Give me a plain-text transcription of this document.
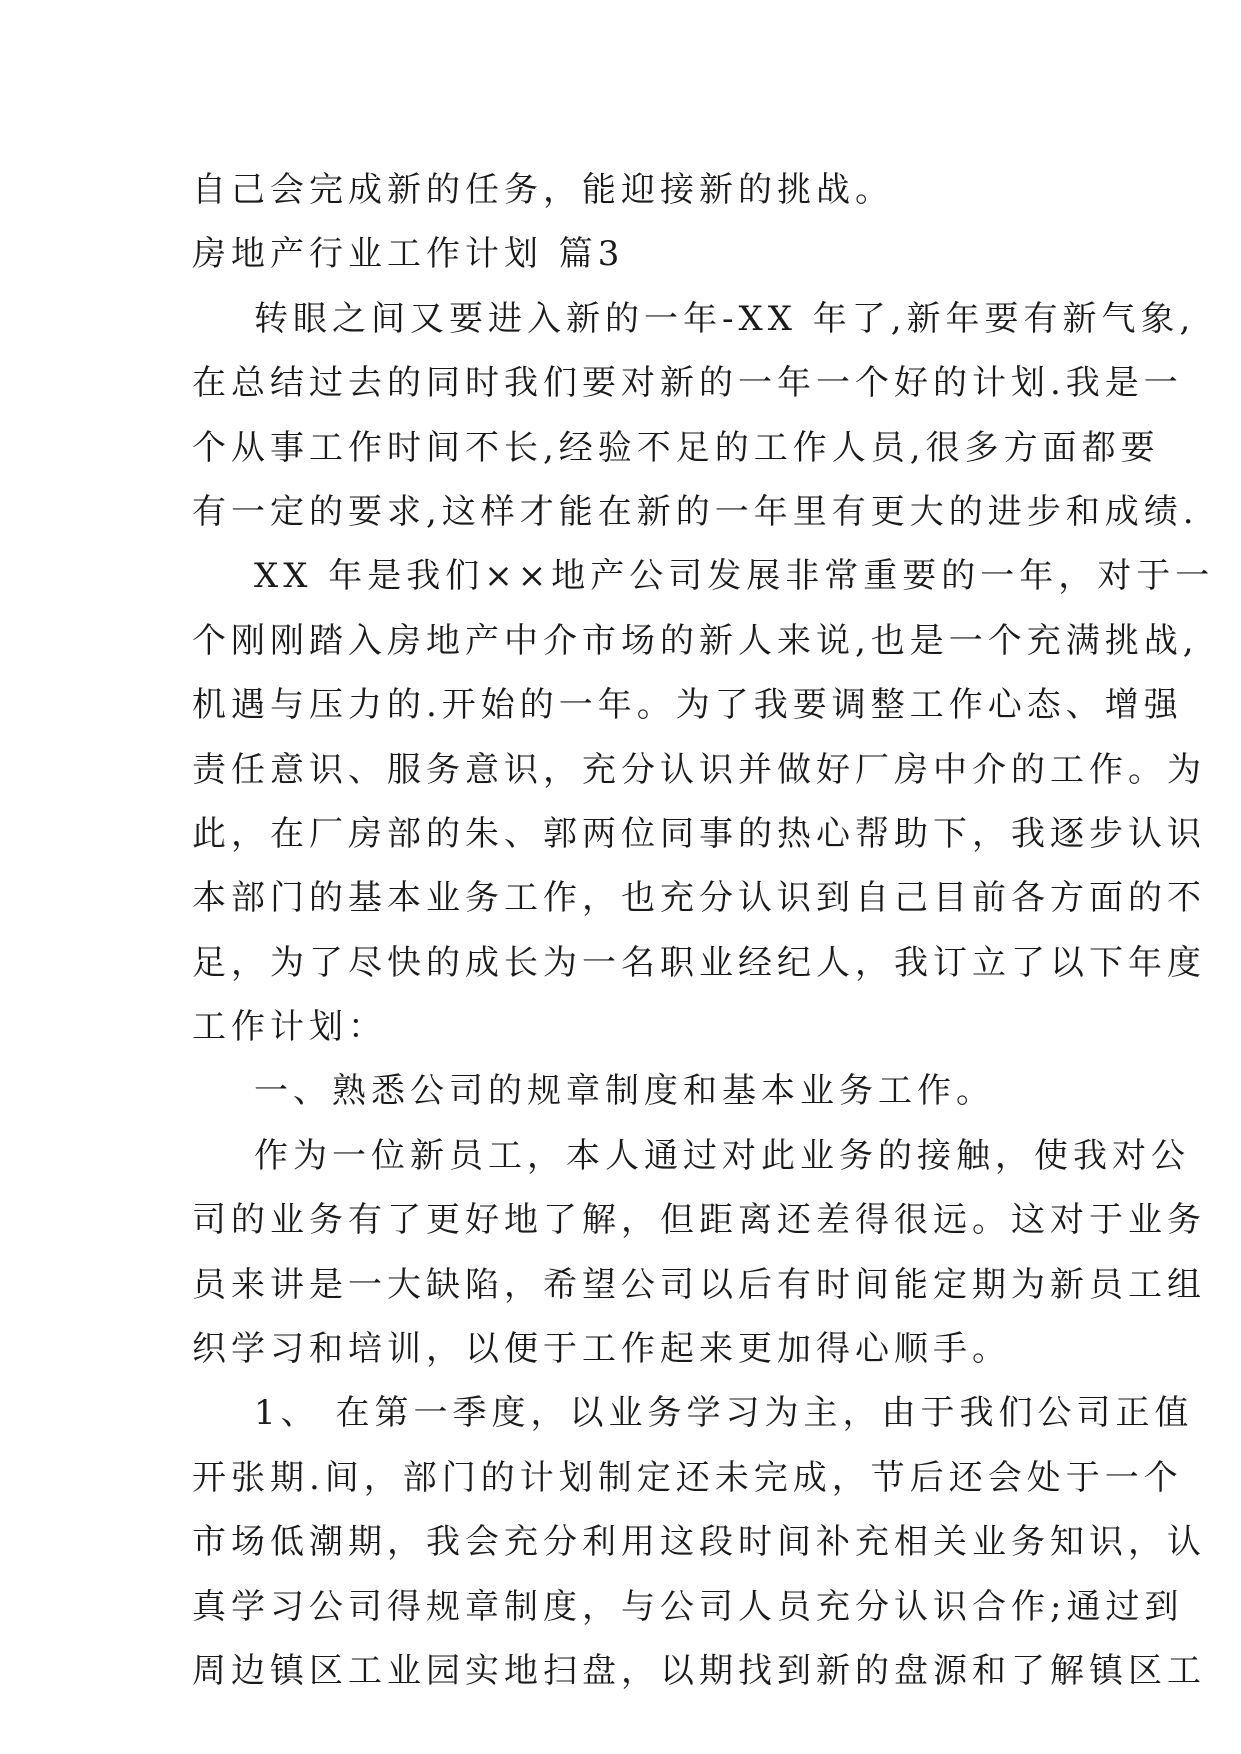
自己会完成新的任务，能迎接新的挑战。
房地产行业工作计划 篇3
转眼之间又要进入新的一年-XX 年了,新年要有新气象,
在总结过去的同时我们要对新的一年一个好的计划.我是一
个从事工作时间不长,经验不足的工作人员,很多方面都要
有一定的要求,这样才能在新的一年里有更大的进步和成绩.
XX 年是我们××地产公司发展非常重要的一年，对于一
个刚刚踏入房地产中介市场的新人来说,也是一个充满挑战,
机遇与压力的.开始的一年。为了我要调整工作心态、增强
责任意识、服务意识，充分认识并做好厂房中介的工作。为
此，在厂房部的朱、郭两位同事的热心帮助下，我逐步认识
本部门的基本业务工作，也充分认识到自己目前各方面的不
足，为了尽快的成长为一名职业经纪人，我订立了以下年度
工作计划：
一、熟悉公司的规章制度和基本业务工作。
作为一位新员工，本人通过对此业务的接触，使我对公
司的业务有了更好地了解，但距离还差得很远。这对于业务
员来讲是一大缺陷，希望公司以后有时间能定期为新员工组
织学习和培训，以便于工作起来更加得心顺手。
1、 在第一季度，以业务学习为主，由于我们公司正值
开张期.间，部门的计划制定还未完成，节后还会处于一个
市场低潮期，我会充分利用这段时间补充相关业务知识，认
真学习公司得规章制度，与公司人员充分认识合作;通过到
周边镇区工业园实地扫盘，以期找到新的盘源和了解镇区工
